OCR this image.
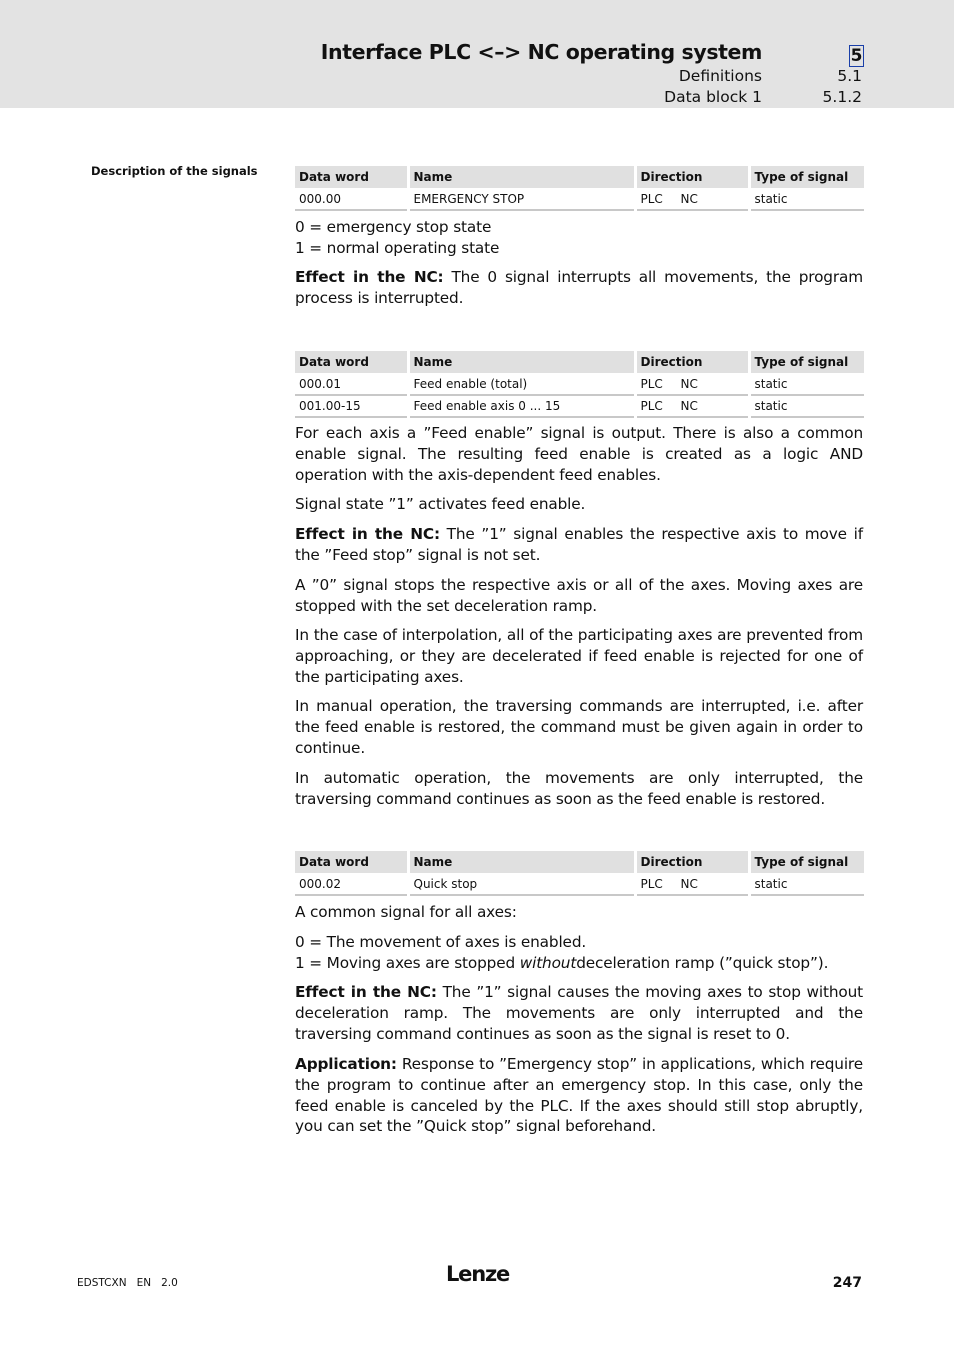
Interface PLC <–> NC operating system	5
Definitions	5.1
Data block 1	5.1.2
Description of the signals	Data word	Name	Direction	Type of signal
000.00	EMERGENCY STOP	PLC NC	static
0 = emergency stop state
1 = normal operating state
Effect in the NC: The 0 signal interrupts all movements, the program process is interrupted.
Data word	Name	Direction	Type of signal
000.01	Feed enable (total)	PLC NC	static
001.00-15	Feed enable axis 0 ... 15	PLC NC	static
For each axis a ”Feed enable” signal is output. There is also a common enable signal. The resulting feed enable is created as a logic AND operation with the axis-dependent feed enables.
Signal state ”1” activates feed enable.
Effect in the NC: The ”1” signal enables the respective axis to move if the ”Feed stop” signal is not set.
A ”0” signal stops the respective axis or all of the axes. Moving axes are stopped with the set deceleration ramp.
In the case of interpolation, all of the participating axes are prevented from approaching, or they are decelerated if feed enable is rejected for one of the participating axes.
In manual operation, the traversing commands are interrupted, i.e. after the feed enable is restored, the command must be given again in order to continue.
In automatic operation, the movements are only interrupted, the traversing command continues as soon as the feed enable is restored.
Data word	Name	Direction	Type of signal
000.02	Quick stop	PLC NC	static
A common signal for all axes:
0 = The movement of axes is enabled.
1 = Moving axes are stopped withoutdeceleration ramp (”quick stop”).
Effect in the NC: The ”1” signal causes the moving axes to stop without deceleration ramp. The movements are only interrupted and the traversing command continues as soon as the signal is reset to 0.
Application: Response to ”Emergency stop” in applications, which require the program to continue after an emergency stop. In this case, only the feed enable is canceled by the PLC. If the axes should still stop abruptly, you can set the ”Quick stop” signal beforehand.
EDSTCXN EN 2.0	Lenze	247
